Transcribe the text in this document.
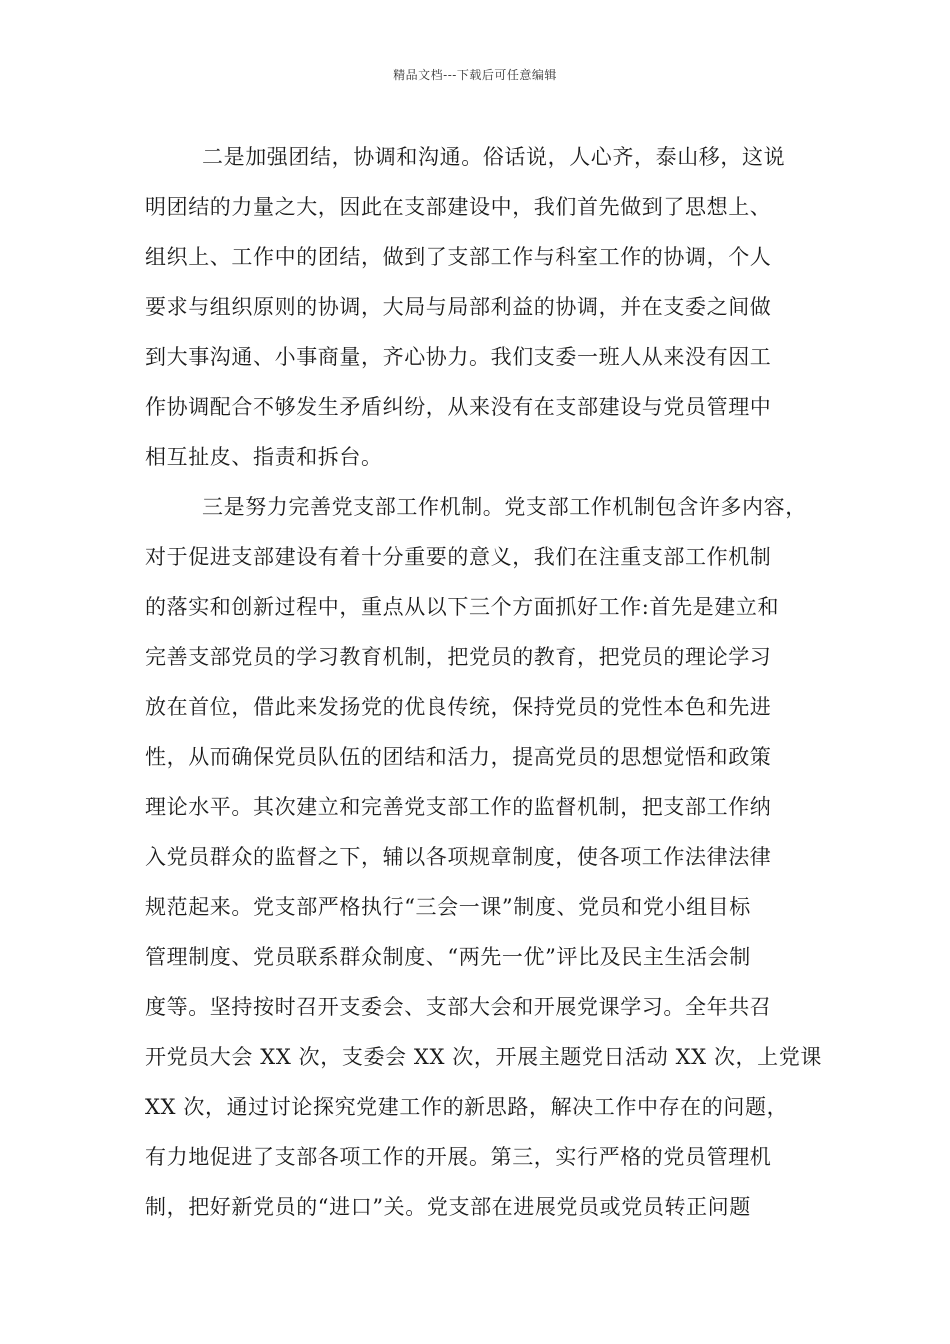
精品文档---下载后可任意编辑
二是加强团结，协调和沟通。俗话说，人心齐，泰山移，这说
明团结的力量之大，因此在支部建设中，我们首先做到了思想上、
组织上、工作中的团结，做到了支部工作与科室工作的协调，个人
要求与组织原则的协调，大局与局部利益的协调，并在支委之间做
到大事沟通、小事商量，齐心协力。我们支委一班人从来没有因工
作协调配合不够发生矛盾纠纷，从来没有在支部建设与党员管理中
相互扯皮、指责和拆台。
三是努力完善党支部工作机制。党支部工作机制包含许多内容，
对于促进支部建设有着十分重要的意义，我们在注重支部工作机制
的落实和创新过程中，重点从以下三个方面抓好工作:首先是建立和
完善支部党员的学习教育机制，把党员的教育，把党员的理论学习
放在首位，借此来发扬党的优良传统，保持党员的党性本色和先进
性，从而确保党员队伍的团结和活力，提高党员的思想觉悟和政策
理论水平。其次建立和完善党支部工作的监督机制，把支部工作纳
入党员群众的监督之下，辅以各项规章制度，使各项工作法律法律
规范起来。党支部严格执行“三会一课”制度、党员和党小组目标
管理制度、党员联系群众制度、“两先一优”评比及民主生活会制
度等。坚持按时召开支委会、支部大会和开展党课学习。全年共召
开党员大会 XX 次，支委会 XX 次，开展主题党日活动 XX 次，上党课
XX 次，通过讨论探究党建工作的新思路，解决工作中存在的问题，
有力地促进了支部各项工作的开展。第三，实行严格的党员管理机
制，把好新党员的“进口”关。党支部在进展党员或党员转正问题
